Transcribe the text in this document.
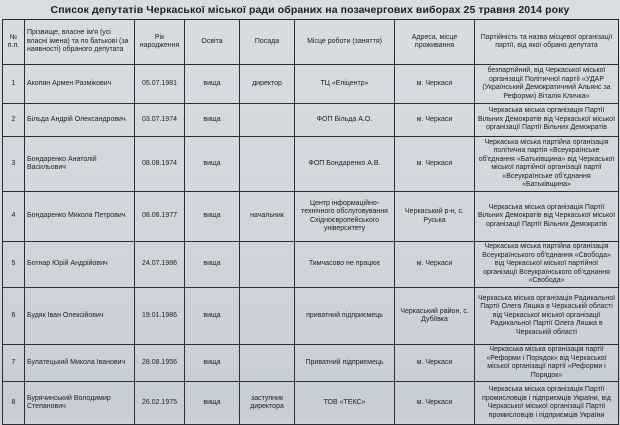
Список депутатів Черкаської міської ради обраних на позачергових виборах 25 травня 2014 року
№ п.п.	Прізвище, власне ім'я (усі власні імена) та по батькові (за наявності) обраного депутата	Рік народження	Освіта	Посада	Місце роботи (заняття)	Адреса, місце проживання	Партійність та назва місцевої організації партії, від якої обрано депутата
1	Акопян Армен Размікович	05.07.1981	вища	директор	ТЦ «Епіцентр»	м. Черкаси	безпартійний, від Черкаської міської організації Політичної партії «УДАР (Український Демократичний Альянс за Реформи) Віталія Кличка»
2	Більда Андрій Олександрович	03.07.1974	вища		ФОП Більда А.О.	м. Черкаси	Черкаська міська організація Партії Вільних Демократів від Черкаської міської організації Партії Вільних Демократів
3	Бондаренко Анатолій Васильович	08.08.1974	вища		ФОП Бондаренко А.В.	м. Черкаси	Черкаська міська партійна організація політична партія «Всеукраїнське об'єднання «Батьківщина» від Черкаської міської партійної організації партії «Всеукраїнське об'єднання «Батьківщина»
4	Бондаренко Микола Петрович	08.06.1977	вища	начальник	Центр інформаційно-технічного обслуговування Східноєвропейського університету	Черкаський р-н, с. Руська	Черкаська міська організація Партії Вільних Демократів від Черкаської міської організації Партії Вільних Демократів
5	Ботнар Юрій Андрійович	24.07.1986	вища		Тимчасово не працює	м. Черкаси	Черкаська міська партійна організація Всеукраїнського об'єднання «Свобода» від Черкаської міської партійної організації Всеукраїнського об'єднання «Свобода»
6	Будяк Іван Олексійович	19.01.1986	вища		приватний підприємець	Черкаський район, с. Дубіївка	Черкаська міська організація Радикальної Партії Олега Ляшка в Черкаській області від Черкаської міської організації Радикальної Партії Олега Ляшка в Черкаській області
7	Булатецький Микола Іванович	28.08.1956	вища		Приватний підприємець	м. Черкаси	Черкаська міська організація партії «Реформи і Порядок» від Черкаської міської організації партії «Реформи і Порядок»
8	Бурячинський Володимир Степанович	26.02.1975	вища	заступник директора	ТОВ «ТЕКС»	м. Черкаси	Черкаська міська організація Партії промисловців і підприємців України, від Черкаської міської організації Партії промисловців і підприємців України
